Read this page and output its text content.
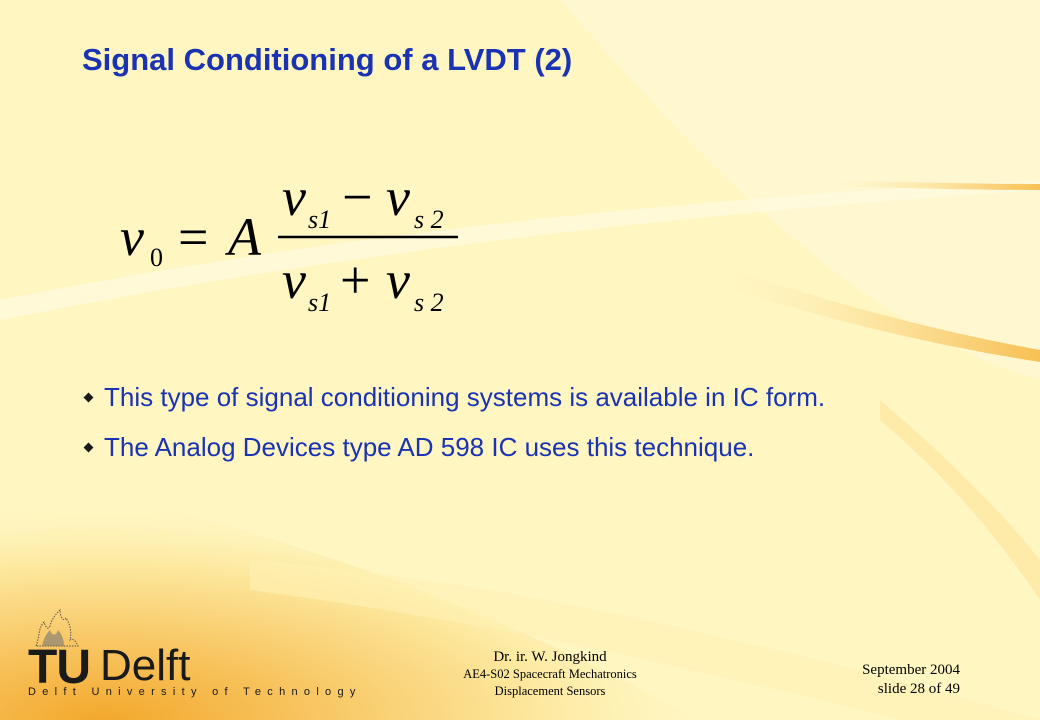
Signal Conditioning of a LVDT (2)
v 0 = A
v s1 − v s 2
v s1 + v s 2
This type of signal conditioning systems is available in IC form.
The Analog Devices type AD 598 IC uses this technique.
TU Delft
Delft University of Technology
Dr. ir. W. Jongkind
AE4-S02 Spacecraft Mechatronics
Displacement Sensors
September 2004
slide 28 of 49
